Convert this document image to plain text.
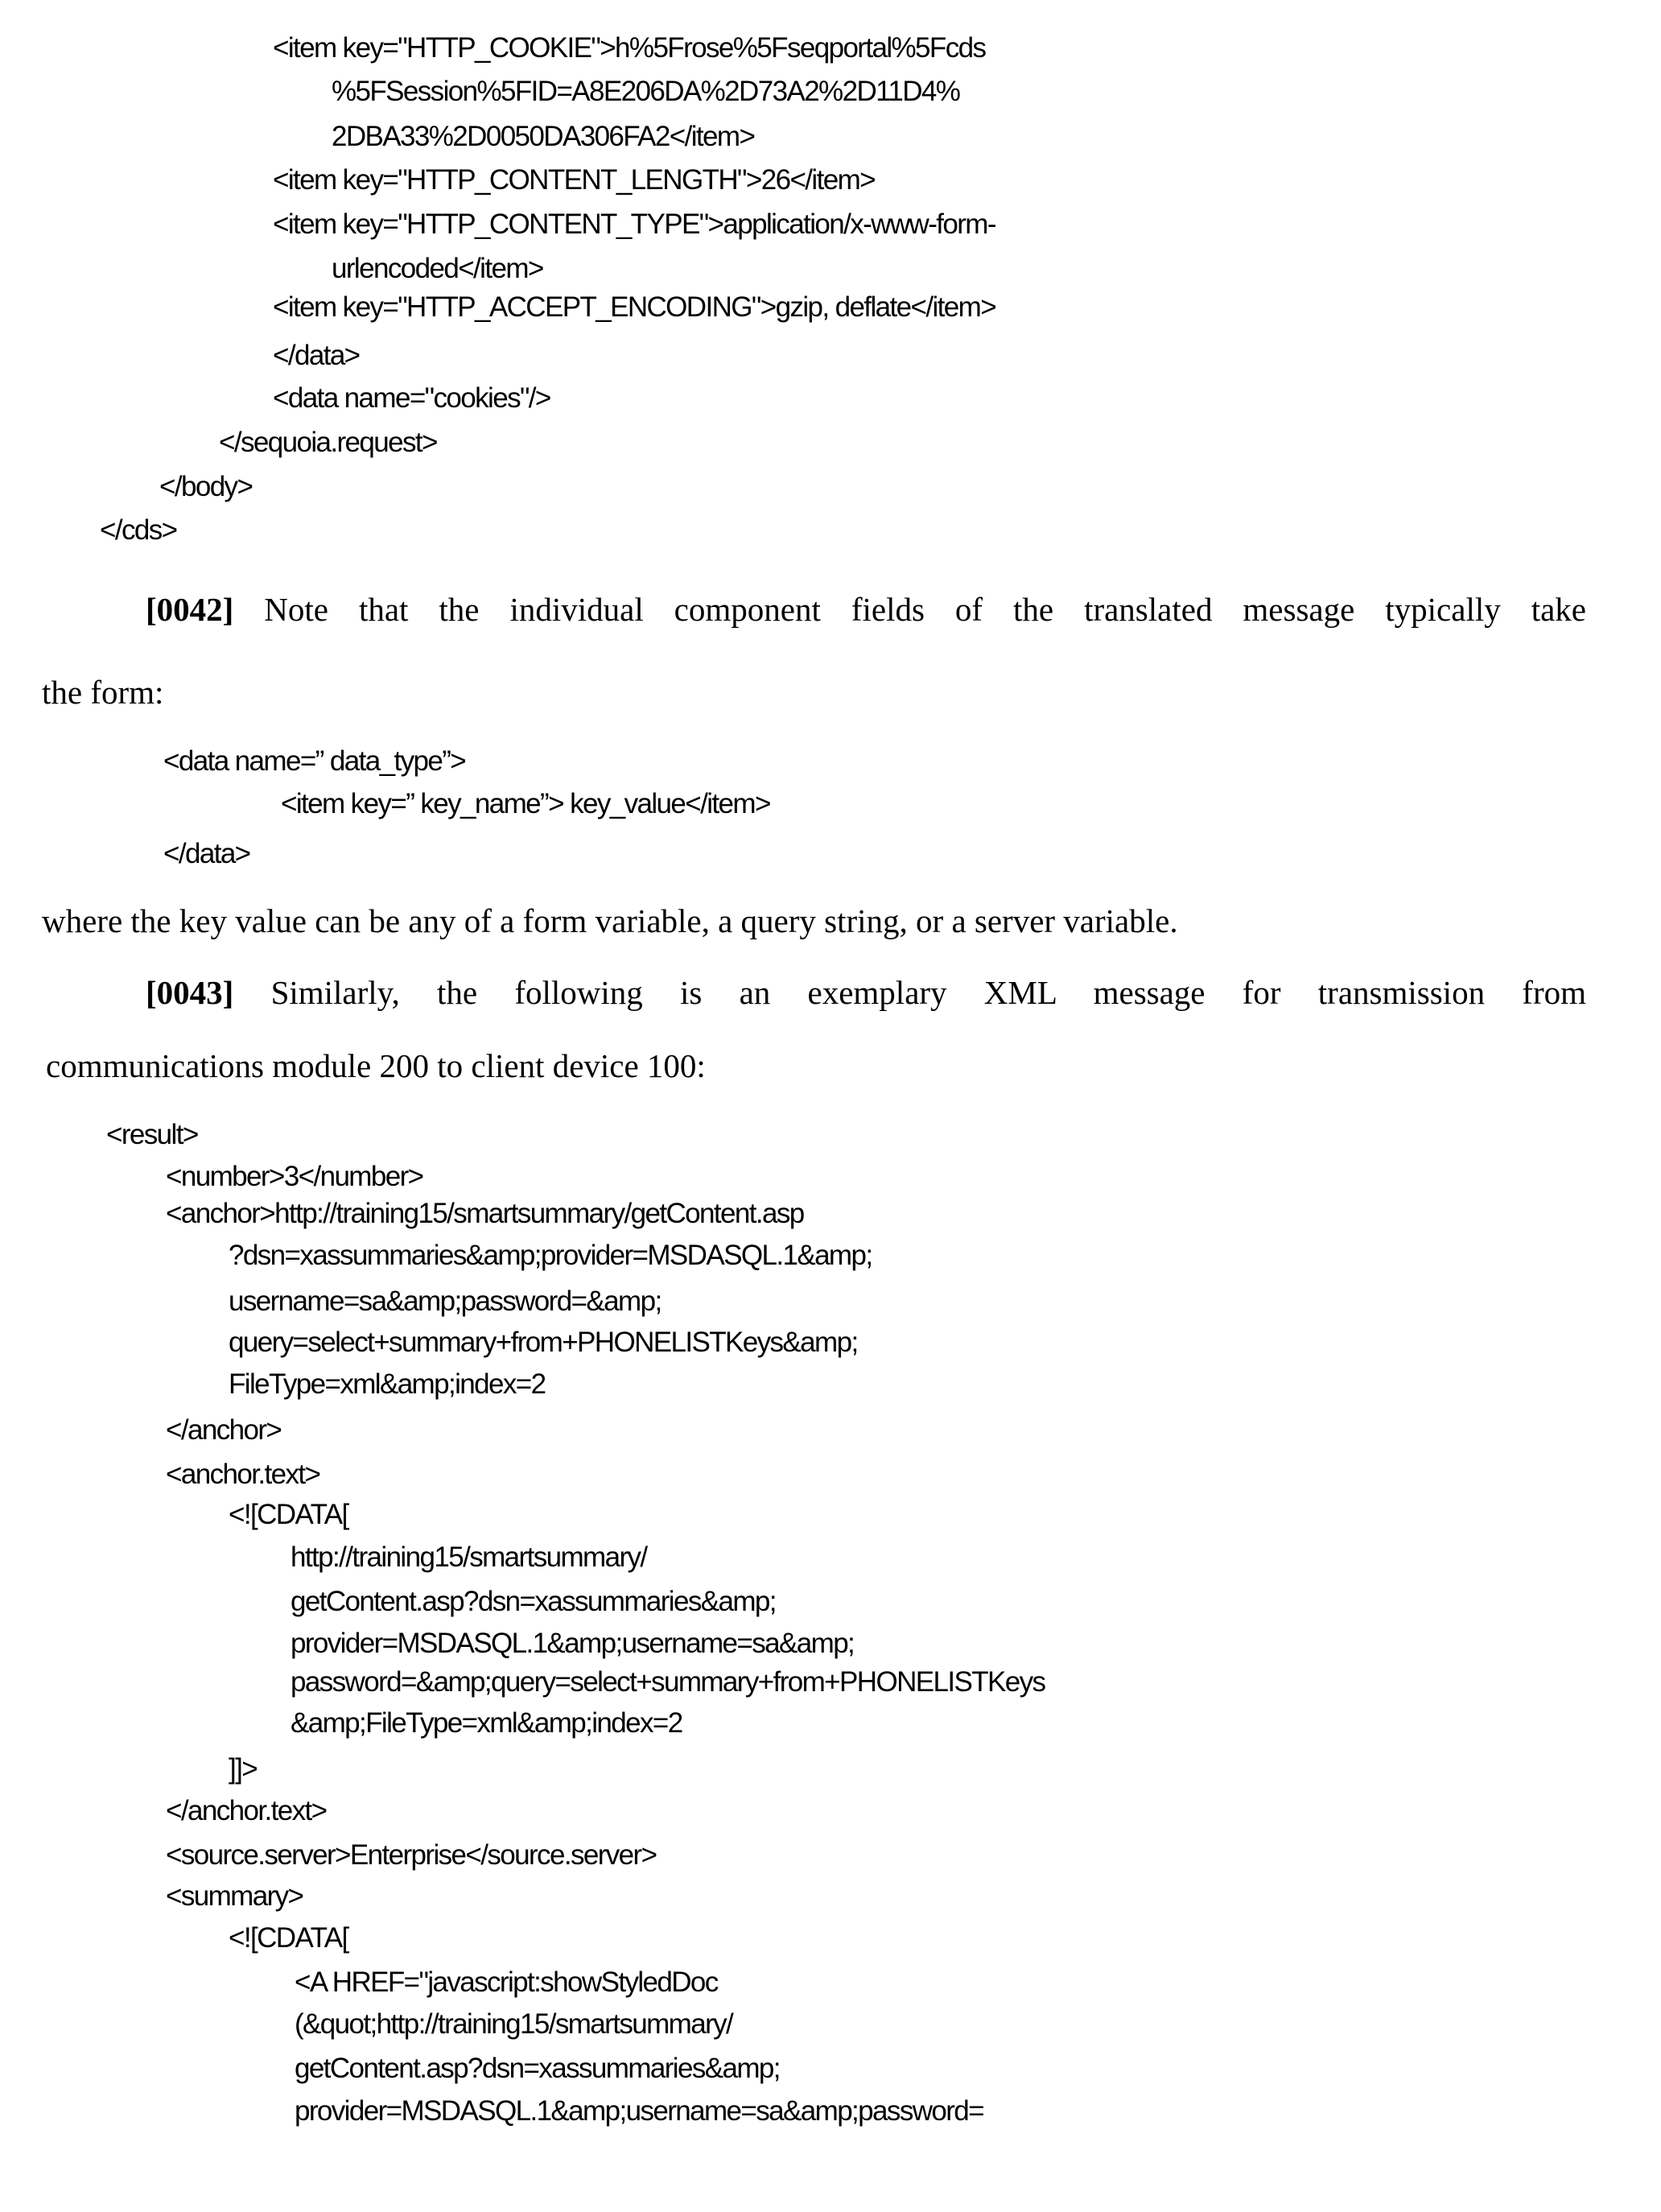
<item key="HTTP_COOKIE">h%5Frose%5Fseqportal%5Fcds
%5FSession%5FID=A8E206DA%2D73A2%2D11D4%
2DBA33%2D0050DA306FA2</item>
<item key="HTTP_CONTENT_LENGTH">26</item>
<item key="HTTP_CONTENT_TYPE">application/x-www-form-
urlencoded</item>
<item key="HTTP_ACCEPT_ENCODING">gzip, deflate</item>
</data>
<data name="cookies"/>
</sequoia.request>
</body>
</cds>
[0042] Note that the individual component fields of the translated message typically take
the form:
<data name=” data_type”>
<item key=” key_name”> key_value</item>
</data>
where the key value can be any of a form variable, a query string, or a server variable.
[0043] Similarly, the following is an exemplary XML message for transmission from
communications module 200 to client device 100:
<result>
<number>3</number>
<anchor>http://training15/smartsummary/getContent.asp
?dsn=xassummaries&amp;provider=MSDASQL.1&amp;
username=sa&amp;password=&amp;
query=select+summary+from+PHONELISTKeys&amp;
FileType=xml&amp;index=2
</anchor>
<anchor.text>
<![CDATA[
http://training15/smartsummary/
getContent.asp?dsn=xassummaries&amp;
provider=MSDASQL.1&amp;username=sa&amp;
password=&amp;query=select+summary+from+PHONELISTKeys
&amp;FileType=xml&amp;index=2
]]>
</anchor.text>
<source.server>Enterprise</source.server>
<summary>
<![CDATA[
<A HREF="javascript:showStyledDoc
(&quot;http://training15/smartsummary/
getContent.asp?dsn=xassummaries&amp;
provider=MSDASQL.1&amp;username=sa&amp;password=
